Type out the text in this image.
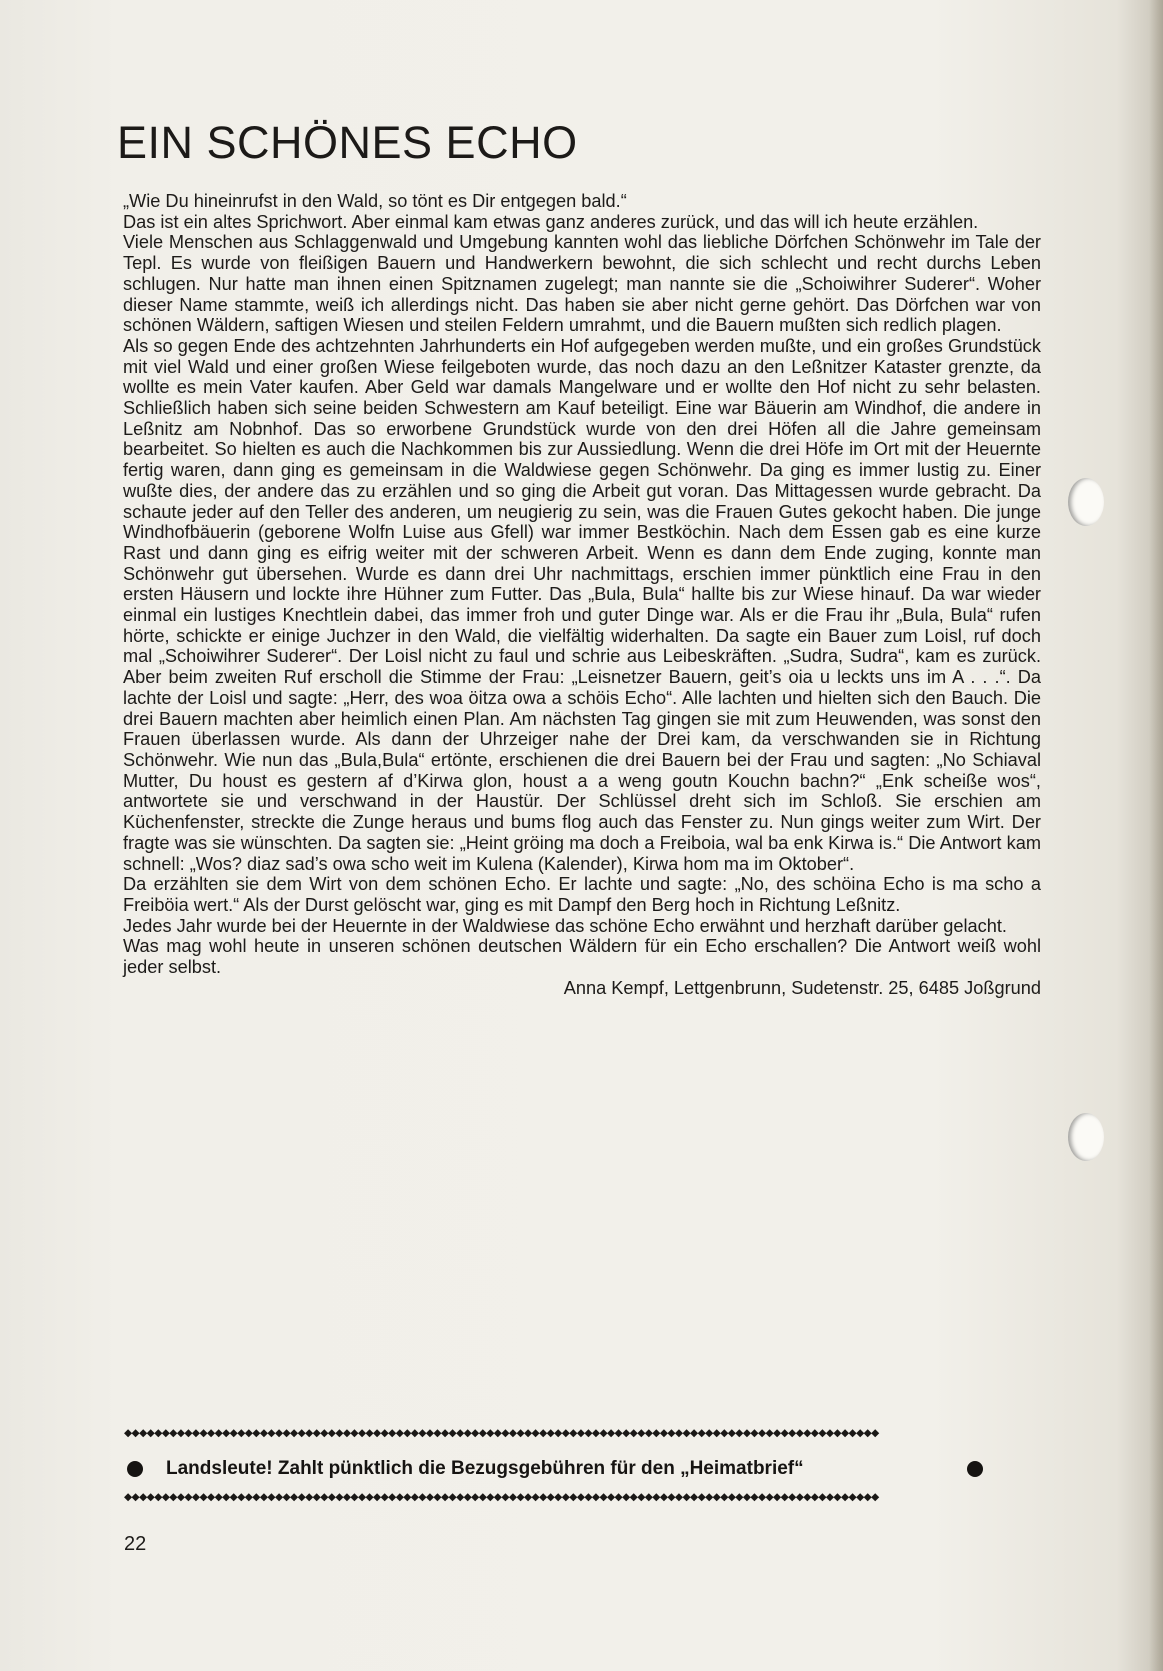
EIN SCHÖNES ECHO

„Wie Du hineinrufst in den Wald, so tönt es Dir entgegen bald.“

Das ist ein altes Sprichwort. Aber einmal kam etwas ganz anderes zurück, und das will ich heute erzählen.

Viele Menschen aus Schlaggenwald und Umgebung kannten wohl das liebliche Dörfchen Schönwehr im Tale der Tepl. Es wurde von fleißigen Bauern und Handwerkern bewohnt, die sich schlecht und recht durchs Leben schlugen. Nur hatte man ihnen einen Spitznamen zugelegt; man nannte sie die „Schoiwihrer Suderer“. Woher dieser Name stammte, weiß ich allerdings nicht. Das haben sie aber nicht gerne gehört. Das Dörfchen war von schönen Wäldern, saftigen Wiesen und steilen Feldern umrahmt, und die Bauern mußten sich redlich plagen.

Als so gegen Ende des achtzehnten Jahrhunderts ein Hof aufgegeben werden mußte, und ein großes Grundstück mit viel Wald und einer großen Wiese feilgeboten wurde, das noch dazu an den Leßnitzer Kataster grenzte, da wollte es mein Vater kaufen. Aber Geld war damals Mangelware und er wollte den Hof nicht zu sehr belasten. Schließlich haben sich seine beiden Schwestern am Kauf beteiligt. Eine war Bäuerin am Windhof, die andere in Leßnitz am Nobnhof. Das so erworbene Grundstück wurde von den drei Höfen all die Jahre gemeinsam bearbeitet. So hielten es auch die Nachkommen bis zur Aussiedlung. Wenn die drei Höfe im Ort mit der Heuernte fertig waren, dann ging es gemeinsam in die Waldwiese gegen Schönwehr. Da ging es immer lustig zu. Einer wußte dies, der andere das zu erzählen und so ging die Arbeit gut voran. Das Mittagessen wurde gebracht. Da schaute jeder auf den Teller des anderen, um neugierig zu sein, was die Frauen Gutes gekocht haben. Die junge Windhofbäuerin (geborene Wolfn Luise aus Gfell) war immer Bestköchin. Nach dem Essen gab es eine kurze Rast und dann ging es eifrig weiter mit der schweren Arbeit. Wenn es dann dem Ende zuging, konnte man Schönwehr gut übersehen. Wurde es dann drei Uhr nachmittags, erschien immer pünktlich eine Frau in den ersten Häusern und lockte ihre Hühner zum Futter. Das „Bula, Bula“ hallte bis zur Wiese hinauf. Da war wieder einmal ein lustiges Knechtlein dabei, das immer froh und guter Dinge war. Als er die Frau ihr „Bula, Bula“ rufen hörte, schickte er einige Juchzer in den Wald, die vielfältig widerhalten. Da sagte ein Bauer zum Loisl, ruf doch mal „Schoiwihrer Suderer“. Der Loisl nicht zu faul und schrie aus Leibeskräften. „Sudra, Sudra“, kam es zurück. Aber beim zweiten Ruf erscholl die Stimme der Frau: „Leisnetzer Bauern, geit’s oia u leckts uns im A . . .“. Da lachte der Loisl und sagte: „Herr, des woa öitza owa a schöis Echo“. Alle lachten und hielten sich den Bauch. Die drei Bauern machten aber heimlich einen Plan. Am nächsten Tag gingen sie mit zum Heuwenden, was sonst den Frauen überlassen wurde. Als dann der Uhrzeiger nahe der Drei kam, da verschwanden sie in Richtung Schönwehr. Wie nun das „Bula,Bula“ ertönte, erschienen die drei Bauern bei der Frau und sagten: „No Schiaval Mutter, Du houst es gestern af d’Kirwa glon, houst a a weng goutn Kouchn bachn?“ „Enk scheiße wos“, antwortete sie und verschwand in der Haustür. Der Schlüssel dreht sich im Schloß. Sie erschien am Küchenfenster, streckte die Zunge heraus und bums flog auch das Fenster zu. Nun gings weiter zum Wirt. Der fragte was sie wünschten. Da sagten sie: „Heint gröing ma doch a Freiboia, wal ba enk Kirwa is.“ Die Antwort kam schnell: „Wos? diaz sad’s owa scho weit im Kulena (Kalender), Kirwa hom ma im Oktober“.

Da erzählten sie dem Wirt von dem schönen Echo. Er lachte und sagte: „No, des schöina Echo is ma scho a Freiböia wert.“ Als der Durst gelöscht war, ging es mit Dampf den Berg hoch in Richtung Leßnitz.

Jedes Jahr wurde bei der Heuernte in der Waldwiese das schöne Echo erwähnt und herzhaft darüber gelacht.

Was mag wohl heute in unseren schönen deutschen Wäldern für ein Echo erschallen? Die Antwort weiß wohl jeder selbst.

Anna Kempf, Lettgenbrunn, Sudetenstr. 25, 6485 Joßgrund

◆◆◆◆◆◆◆◆◆◆◆◆◆◆◆◆◆◆◆◆◆◆◆◆◆◆◆◆◆◆◆◆◆◆◆◆◆◆◆◆◆◆◆◆◆◆◆◆◆◆◆◆◆◆◆◆◆◆◆◆◆◆◆◆◆◆◆◆◆◆◆◆◆◆◆◆◆◆◆◆◆◆◆◆◆◆◆◆◆◆◆◆◆◆◆◆◆◆◆◆
Landsleute! Zahlt pünktlich die Bezugsgebühren für den „Heimatbrief“
◆◆◆◆◆◆◆◆◆◆◆◆◆◆◆◆◆◆◆◆◆◆◆◆◆◆◆◆◆◆◆◆◆◆◆◆◆◆◆◆◆◆◆◆◆◆◆◆◆◆◆◆◆◆◆◆◆◆◆◆◆◆◆◆◆◆◆◆◆◆◆◆◆◆◆◆◆◆◆◆◆◆◆◆◆◆◆◆◆◆◆◆◆◆◆◆◆◆◆◆
22
